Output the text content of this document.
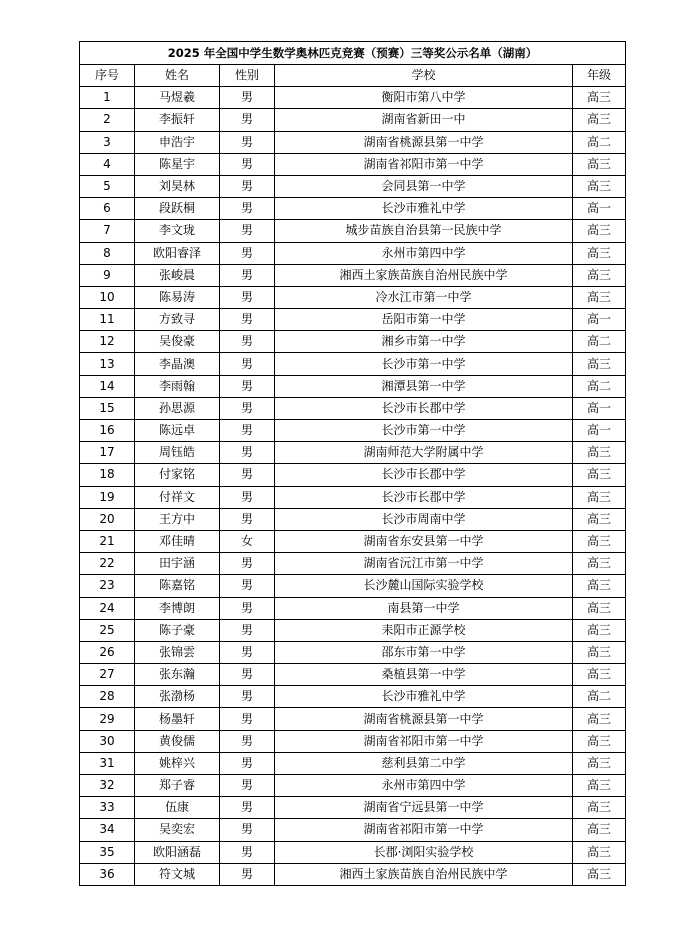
2025 年全国中学生数学奥林匹克竞赛（预赛）三等奖公示名单（湖南）				
序号	姓名	性别	学校	年级
1	马煜羲	男	衡阳市第八中学	高三
2	李振轩	男	湖南省新田一中	高三
3	申浩宇	男	湖南省桃源县第一中学	高二
4	陈星宇	男	湖南省祁阳市第一中学	高三
5	刘昊林	男	会同县第一中学	高三
6	段跃桐	男	长沙市雅礼中学	高一
7	李文珑	男	城步苗族自治县第一民族中学	高三
8	欧阳睿泽	男	永州市第四中学	高三
9	张峻晨	男	湘西土家族苗族自治州民族中学	高三
10	陈易涛	男	冷水江市第一中学	高三
11	方致寻	男	岳阳市第一中学	高一
12	吴俊豪	男	湘乡市第一中学	高二
13	李晶澳	男	长沙市第一中学	高三
14	李雨翰	男	湘潭县第一中学	高二
15	孙思源	男	长沙市长郡中学	高一
16	陈远卓	男	长沙市第一中学	高一
17	周钰皓	男	湖南师范大学附属中学	高三
18	付家铭	男	长沙市长郡中学	高三
19	付祥文	男	长沙市长郡中学	高三
20	王方中	男	长沙市周南中学	高三
21	邓佳晴	女	湖南省东安县第一中学	高三
22	田宇涵	男	湖南省沅江市第一中学	高三
23	陈嘉铭	男	长沙麓山国际实验学校	高三
24	李博朗	男	南县第一中学	高三
25	陈子豪	男	耒阳市正源学校	高三
26	张锦雲	男	邵东市第一中学	高三
27	张东瀚	男	桑植县第一中学	高三
28	张渤杨	男	长沙市雅礼中学	高二
29	杨墨轩	男	湖南省桃源县第一中学	高三
30	黄俊儒	男	湖南省祁阳市第一中学	高三
31	姚梓兴	男	慈利县第二中学	高三
32	郑子睿	男	永州市第四中学	高三
33	伍康	男	湖南省宁远县第一中学	高三
34	吴奕宏	男	湖南省祁阳市第一中学	高三
35	欧阳涵磊	男	长郡·浏阳实验学校	高三
36	符文城	男	湘西土家族苗族自治州民族中学	高三
